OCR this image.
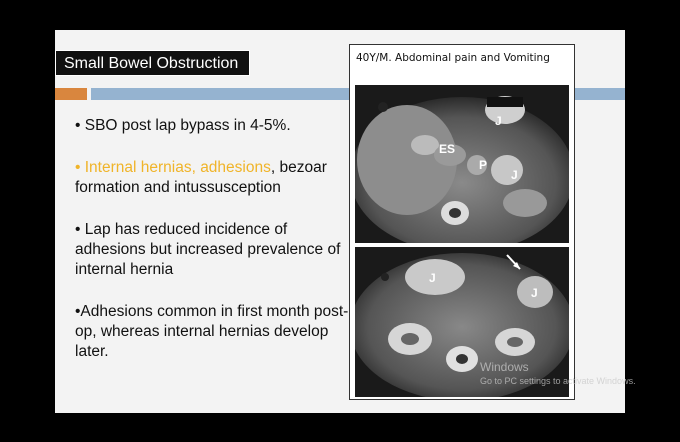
Small Bowel Obstruction
• SBO post lap bypass in 4-5%.
• Internal hernias, adhesions, bezoar formation and intussusception
• Lap has reduced incidence of adhesions but increased prevalence of internal hernia
•Adhesions common in first month post-op, whereas internal hernias develop later.
40Y/M. Abdominal pain and Vomiting
J
ES
P
J
J
J
Windows
Go to PC settings to activate Windows.
